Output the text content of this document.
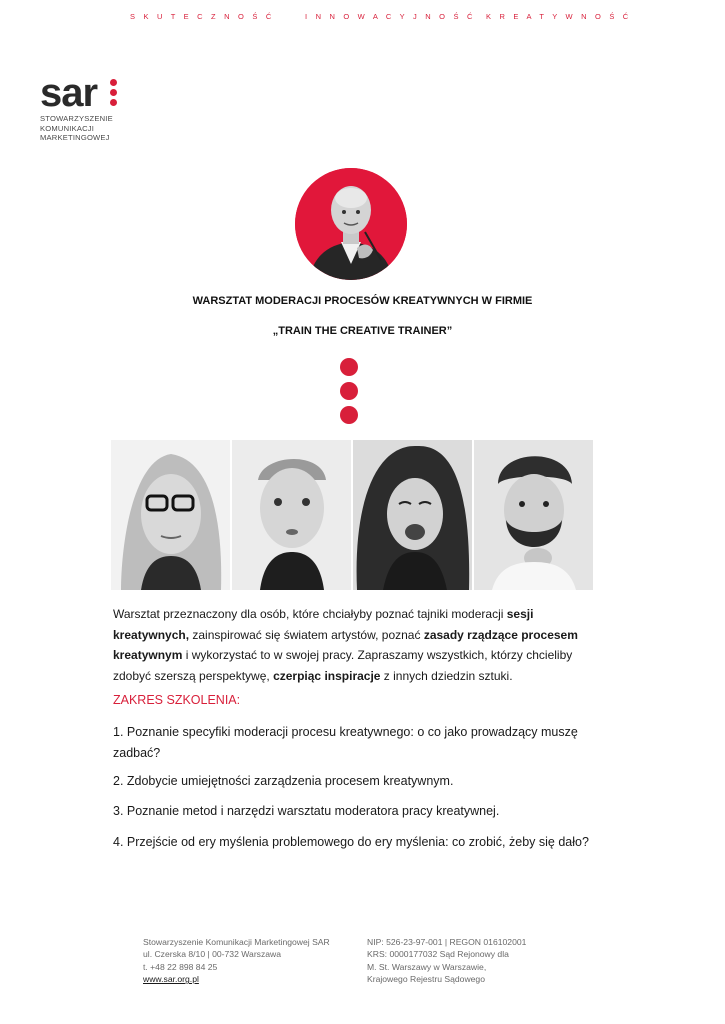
S K U T E C Z N O Ś Ć	I N N O W A C Y J N O Ś Ć K R E A T Y W N O Ś Ć
sar
STOWARZYSZENIE
KOMUNIKACJI
MARKETINGOWEJ
WARSZTAT MODERACJI PROCESÓW KREATYWNYCH W FIRMIE
„TRAIN THE CREATIVE TRAINER”
Warsztat przeznaczony dla osób, które chciałyby poznać tajniki moderacji sesji kreatywnych, zainspirować się światem artystów, poznać zasady rządzące procesem kreatywnym i wykorzystać to w swojej pracy. Zapraszamy wszystkich, którzy chcieliby zdobyć szerszą perspektywę, czerpiąc inspiracje z innych dziedzin sztuki.
ZAKRES SZKOLENIA:
1. Poznanie specyfiki moderacji procesu kreatywnego: o co jako prowadzący muszę zadbać?
2. Zdobycie umiejętności zarządzenia procesem kreatywnym.
3. Poznanie metod i narzędzi warsztatu moderatora pracy kreatywnej.
4. Przejście od ery myślenia problemowego do ery myślenia: co zrobić, żeby się dało?
Stowarzyszenie Komunikacji Marketingowej SAR
ul. Czerska 8/10 | 00-732 Warszawa
t. +48 22 898 84 25
www.sar.org.pl
NIP: 526-23-97-001 | REGON 016102001
KRS: 0000177032 Sąd Rejonowy dla
M. St. Warszawy w Warszawie,
Krajowego Rejestru Sądowego
